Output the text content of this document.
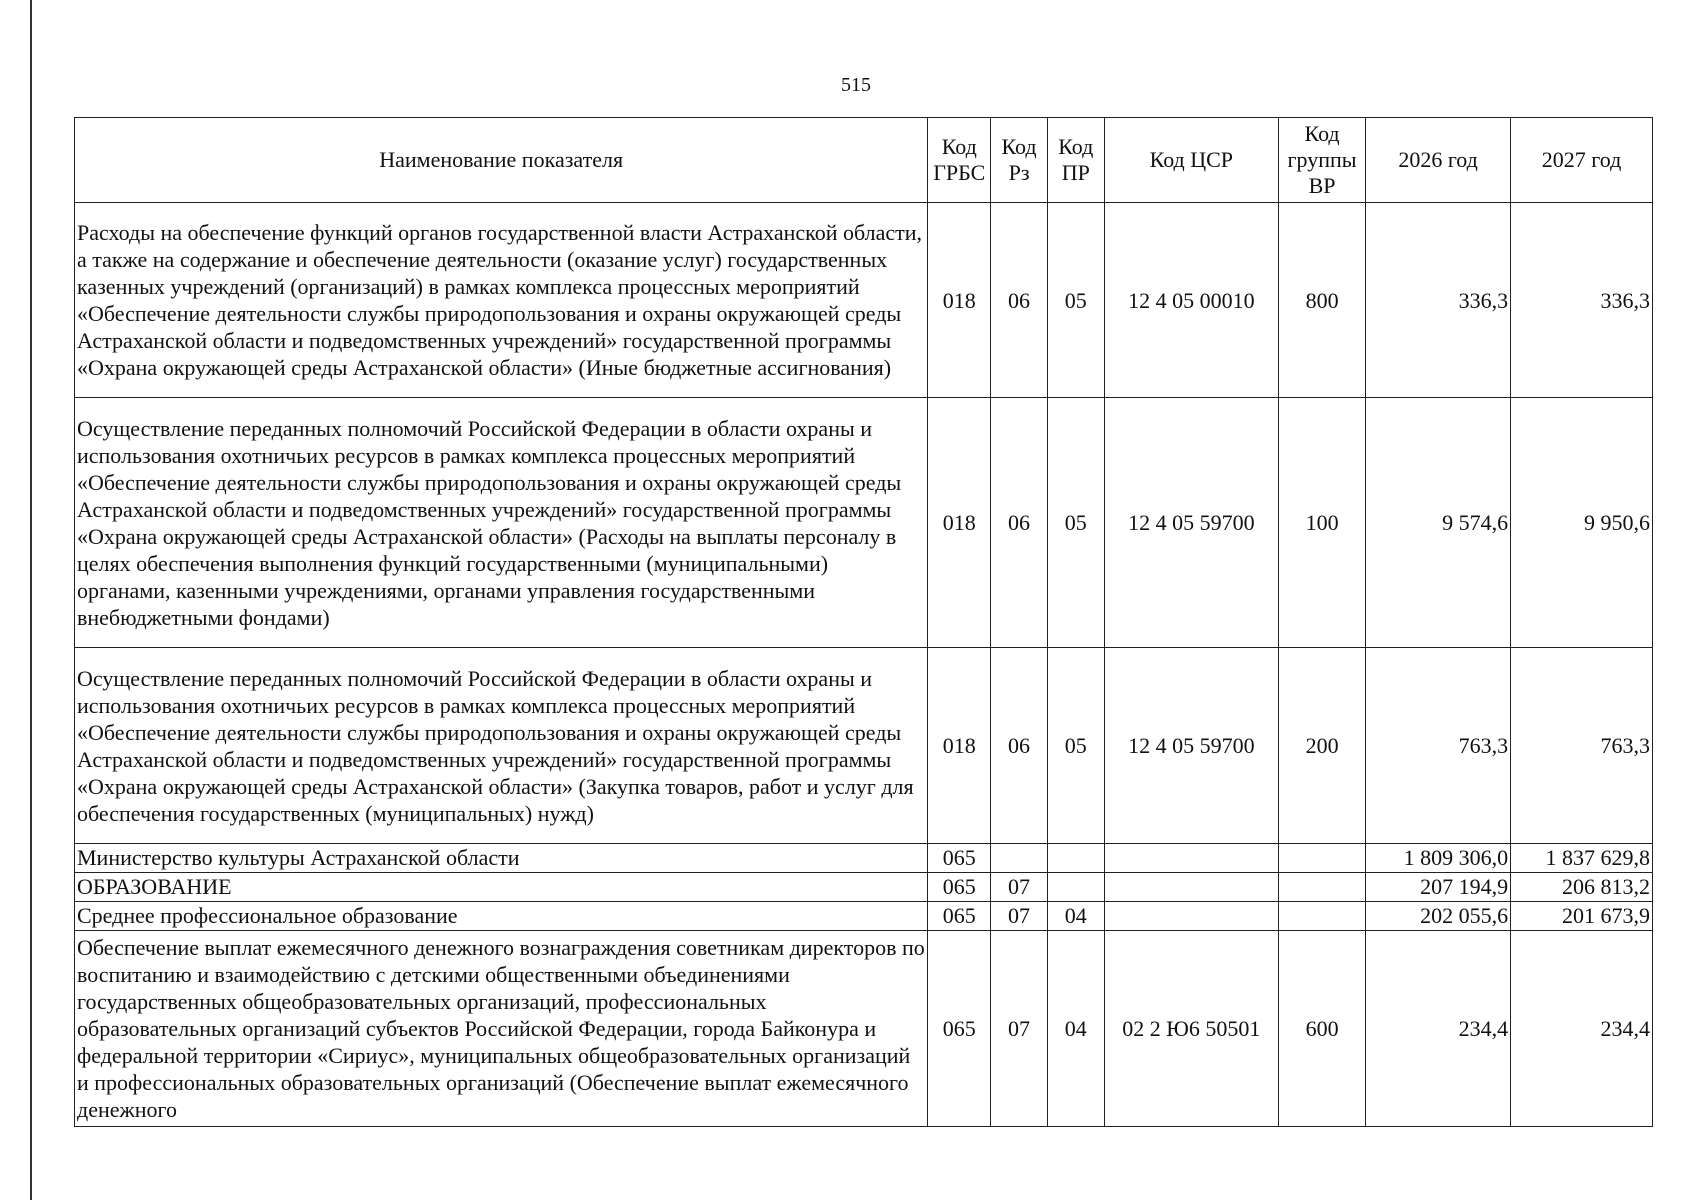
515
Наименование показателя	Код ГРБС	Код Рз	Код ПР	Код ЦСР	Код группы ВР	2026 год	2027 год
Расходы на обеспечение функций органов государственной власти Астраханской области, а также на содержание и обеспечение деятельности (оказание услуг) государственных казенных учреждений (организаций) в рамках комплекса процессных мероприятий «Обеспечение деятельности службы природопользования и охраны окружающей среды Астраханской области и подведомственных учреждений» государственной программы «Охрана окружающей среды Астраханской области» (Иные бюджетные ассигнования)	018	06	05	12 4 05 00010	800	336,3	336,3
Осуществление переданных полномочий Российской Федерации в области охраны и использования охотничьих ресурсов в рамках комплекса процессных мероприятий «Обеспечение деятельности службы природопользования и охраны окружающей среды Астраханской области и подведомственных учреждений» государственной программы «Охрана окружающей среды Астраханской области» (Расходы на выплаты персоналу в целях обеспечения выполнения функций государственными (муниципальными) органами, казенными учреждениями, органами управления государственными внебюджетными фондами)	018	06	05	12 4 05 59700	100	9 574,6	9 950,6
Осуществление переданных полномочий Российской Федерации в области охраны и использования охотничьих ресурсов в рамках комплекса процессных мероприятий «Обеспечение деятельности службы природопользования и охраны окружающей среды Астраханской области и подведомственных учреждений» государственной программы «Охрана окружающей среды Астраханской области» (Закупка товаров, работ и услуг для обеспечения государственных (муниципальных) нужд)	018	06	05	12 4 05 59700	200	763,3	763,3
Министерство культуры Астраханской области	065					1 809 306,0	1 837 629,8
ОБРАЗОВАНИЕ	065	07				207 194,9	206 813,2
Среднее профессиональное образование	065	07	04			202 055,6	201 673,9
Обеспечение выплат ежемесячного денежного вознаграждения советникам директоров по воспитанию и взаимодействию с детскими общественными объединениями государственных общеобразовательных организаций, профессиональных образовательных организаций субъектов Российской Федерации, города Байконура и федеральной территории «Сириус», муниципальных общеобразовательных организаций и профессиональных образовательных организаций (Обеспечение выплат ежемесячного денежного	065	07	04	02 2 Ю6 50501	600	234,4	234,4
